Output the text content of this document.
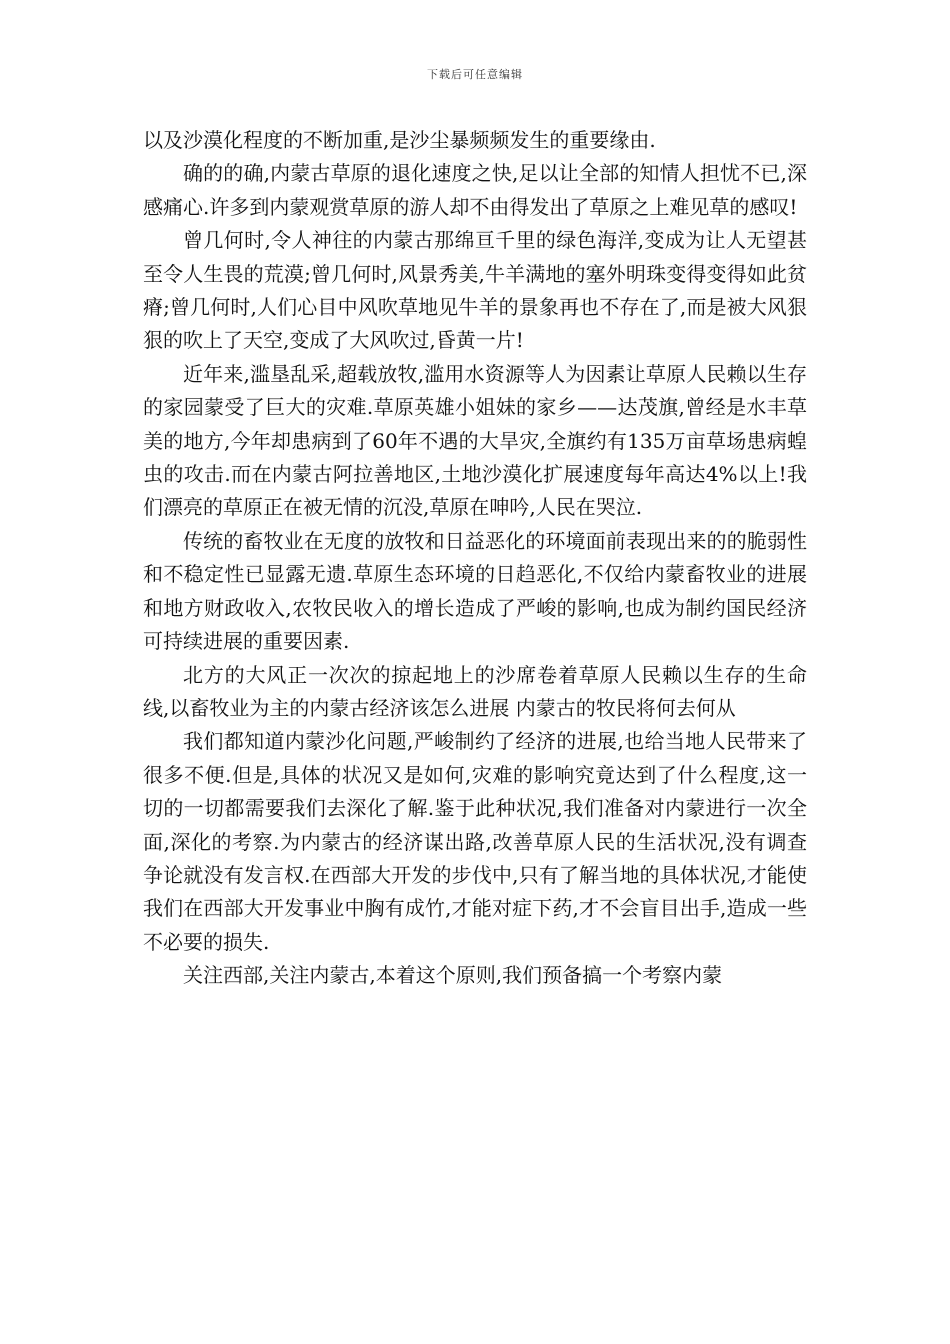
下载后可任意编辑

以及沙漠化程度的不断加重,是沙尘暴频频发生的重要缘由.

确的的确,内蒙古草原的退化速度之快,足以让全部的知情人担忧不已,深感痛心.许多到内蒙观赏草原的游人却不由得发出了草原之上难见草的感叹!

曾几何时,令人神往的内蒙古那绵亘千里的绿色海洋,变成为让人无望甚至令人生畏的荒漠;曾几何时,风景秀美,牛羊满地的塞外明珠变得变得如此贫瘠;曾几何时,人们心目中风吹草地见牛羊的景象再也不存在了,而是被大风狠狠的吹上了天空,变成了大风吹过,昏黄一片!

近年来,滥垦乱采,超载放牧,滥用水资源等人为因素让草原人民赖以生存的家园蒙受了巨大的灾难.草原英雄小姐妹的家乡——达茂旗,曾经是水丰草美的地方,今年却患病到了60年不遇的大旱灾,全旗约有135万亩草场患病蝗虫的攻击.而在内蒙古阿拉善地区,土地沙漠化扩展速度每年高达4%以上!我们漂亮的草原正在被无情的沉没,草原在呻吟,人民在哭泣.

传统的畜牧业在无度的放牧和日益恶化的环境面前表现出来的的脆弱性和不稳定性已显露无遗.草原生态环境的日趋恶化,不仅给内蒙畜牧业的进展和地方财政收入,农牧民收入的增长造成了严峻的影响,也成为制约国民经济可持续进展的重要因素.

北方的大风正一次次的掠起地上的沙席卷着草原人民赖以生存的生命线,以畜牧业为主的内蒙古经济该怎么进展 内蒙古的牧民将何去何从

我们都知道内蒙沙化问题,严峻制约了经济的进展,也给当地人民带来了很多不便.但是,具体的状况又是如何,灾难的影响究竟达到了什么程度,这一切的一切都需要我们去深化了解.鉴于此种状况,我们准备对内蒙进行一次全面,深化的考察.为内蒙古的经济谋出路,改善草原人民的生活状况,没有调查争论就没有发言权.在西部大开发的步伐中,只有了解当地的具体状况,才能使我们在西部大开发事业中胸有成竹,才能对症下药,才不会盲目出手,造成一些不必要的损失.

关注西部,关注内蒙古,本着这个原则,我们预备搞一个考察内蒙
